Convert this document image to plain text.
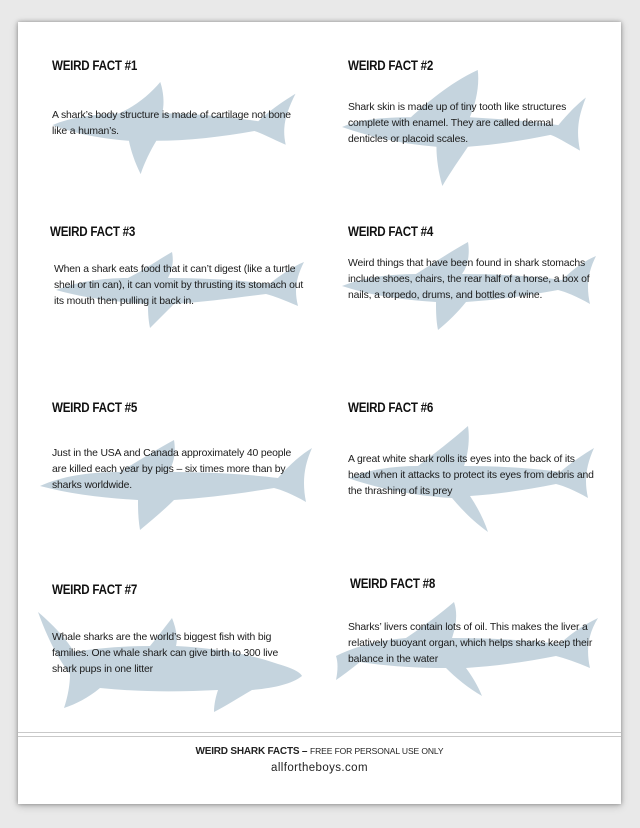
WEIRD FACT #1
A shark’s body structure is made of cartilage not bone like a human’s.
WEIRD FACT #2
Shark skin is made up of tiny tooth like structures complete with enamel. They are called dermal denticles or placoid scales.
WEIRD FACT #3
When a shark eats food that it can’t digest (like a turtle shell or tin can), it can vomit by thrusting its stomach out its mouth then pulling it back in.
WEIRD FACT #4
Weird things that have been found in shark stomachs include shoes, chairs, the rear half of a horse, a box of nails, a torpedo, drums, and bottles of wine.
WEIRD FACT #5
Just in the USA and Canada approximately 40 people are killed each year by pigs – six times more than by sharks worldwide.
WEIRD FACT #6
A great white shark rolls its eyes into the back of its head when it attacks to protect its eyes from debris and the thrashing of its prey
WEIRD FACT #7
Whale sharks are the world’s biggest fish with big families. One whale shark can give birth to 300 live shark pups in one litter
WEIRD FACT #8
Sharks’ livers contain lots of oil. This makes the liver a relatively buoyant organ, which helps sharks keep their balance in the water
WEIRD SHARK FACTS – FREE FOR PERSONAL USE ONLY
allfortheboys.com
